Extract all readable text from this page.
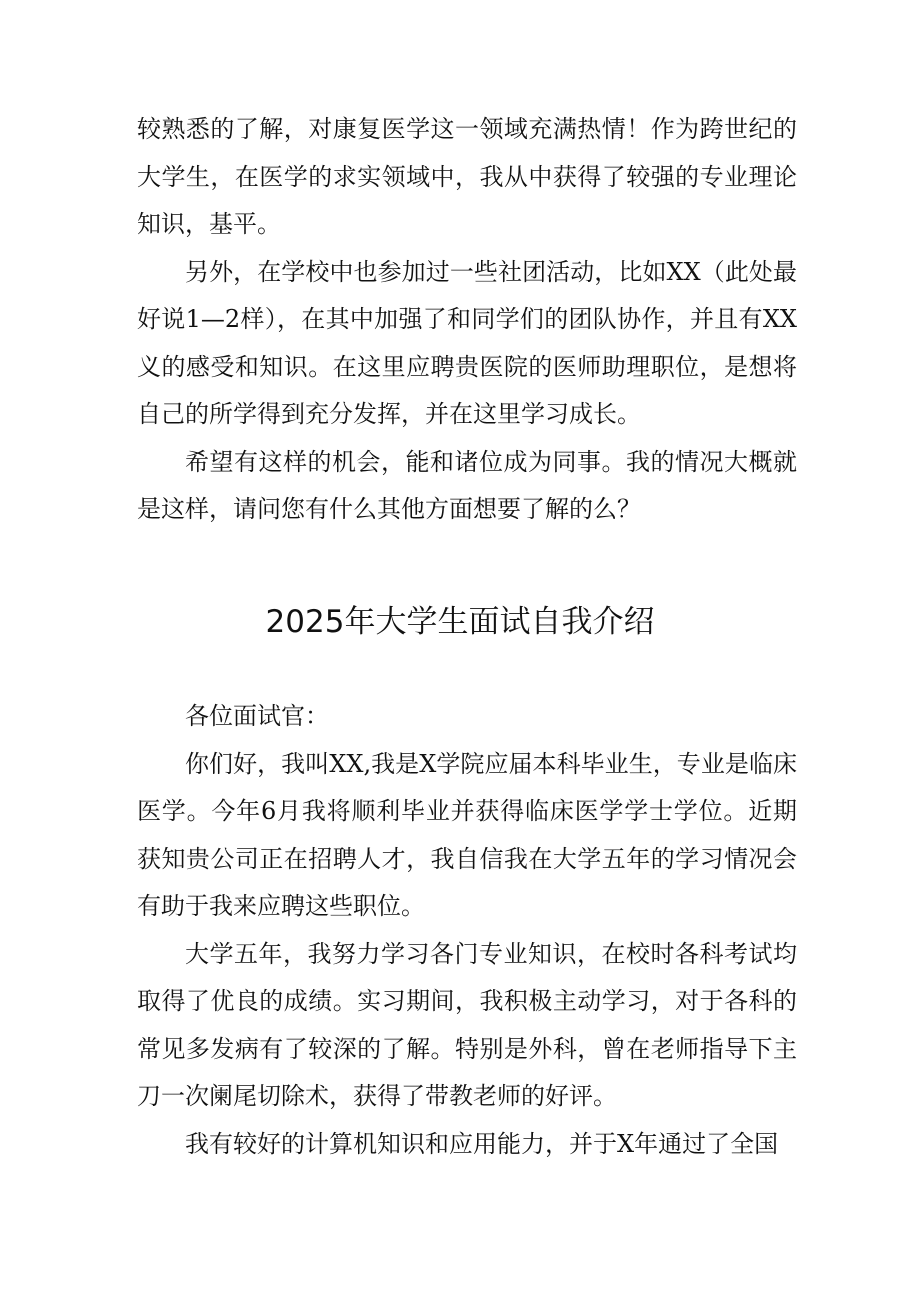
较熟悉的了解，对康复医学这一领域充满热情！作为跨世纪的大学生，在医学的求实领域中，我从中获得了较强的专业理论知识，基平。

另外，在学校中也参加过一些社团活动，比如XX（此处最好说1—2样），在其中加强了和同学们的团队协作，并且有XX义的感受和知识。在这里应聘贵医院的医师助理职位，是想将自己的所学得到充分发挥，并在这里学习成长。

希望有这样的机会，能和诸位成为同事。我的情况大概就是这样，请问您有什么其他方面想要了解的么？

2025年大学生面试自我介绍

各位面试官：

你们好，我叫XX,我是X学院应届本科毕业生，专业是临床医学。今年6月我将顺利毕业并获得临床医学学士学位。近期获知贵公司正在招聘人才，我自信我在大学五年的学习情况会有助于我来应聘这些职位。

大学五年，我努力学习各门专业知识，在校时各科考试均取得了优良的成绩。实习期间，我积极主动学习，对于各科的常见多发病有了较深的了解。特别是外科，曾在老师指导下主刀一次阑尾切除术，获得了带教老师的好评。

我有较好的计算机知识和应用能力，并于X年通过了全国
